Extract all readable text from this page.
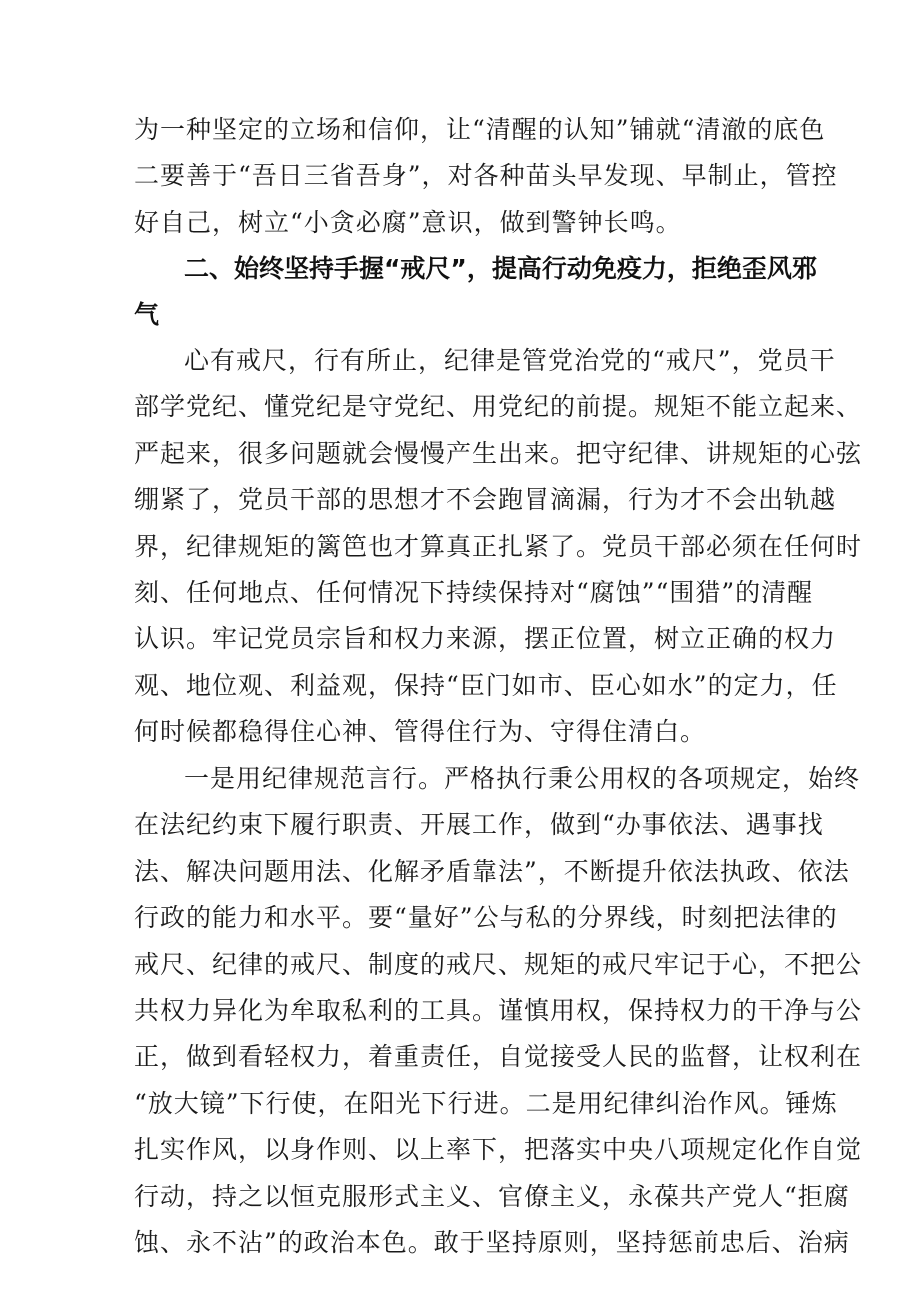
为一种坚定的立场和信仰，让“清醒的认知”铺就“清澈的底色
二要善于“吾日三省吾身”，对各种苗头早发现、早制止，管控
好自己，树立“小贪必腐”意识，做到警钟长鸣。
二、始终坚持手握“戒尺”，提高行动免疫力，拒绝歪风邪
气
心有戒尺，行有所止，纪律是管党治党的“戒尺”，党员干
部学党纪、懂党纪是守党纪、用党纪的前提。规矩不能立起来、
严起来，很多问题就会慢慢产生出来。把守纪律、讲规矩的心弦
绷紧了，党员干部的思想才不会跑冒滴漏，行为才不会出轨越
界，纪律规矩的篱笆也才算真正扎紧了。党员干部必须在任何时
刻、任何地点、任何情况下持续保持对“腐蚀”“围猎”的清醒
认识。牢记党员宗旨和权力来源，摆正位置，树立正确的权力
观、地位观、利益观，保持“臣门如市、臣心如水”的定力，任
何时候都稳得住心神、管得住行为、守得住清白。
一是用纪律规范言行。严格执行秉公用权的各项规定，始终
在法纪约束下履行职责、开展工作，做到“办事依法、遇事找
法、解决问题用法、化解矛盾靠法”，不断提升依法执政、依法
行政的能力和水平。要“量好”公与私的分界线，时刻把法律的
戒尺、纪律的戒尺、制度的戒尺、规矩的戒尺牢记于心，不把公
共权力异化为牟取私利的工具。谨慎用权，保持权力的干净与公
正，做到看轻权力，着重责任，自觉接受人民的监督，让权利在
“放大镜”下行使，在阳光下行进。二是用纪律纠治作风。锤炼
扎实作风，以身作则、以上率下，把落实中央八项规定化作自觉
行动，持之以恒克服形式主义、官僚主义，永葆共产党人“拒腐
蚀、永不沾”的政治本色。敢于坚持原则，坚持惩前忠后、治病
